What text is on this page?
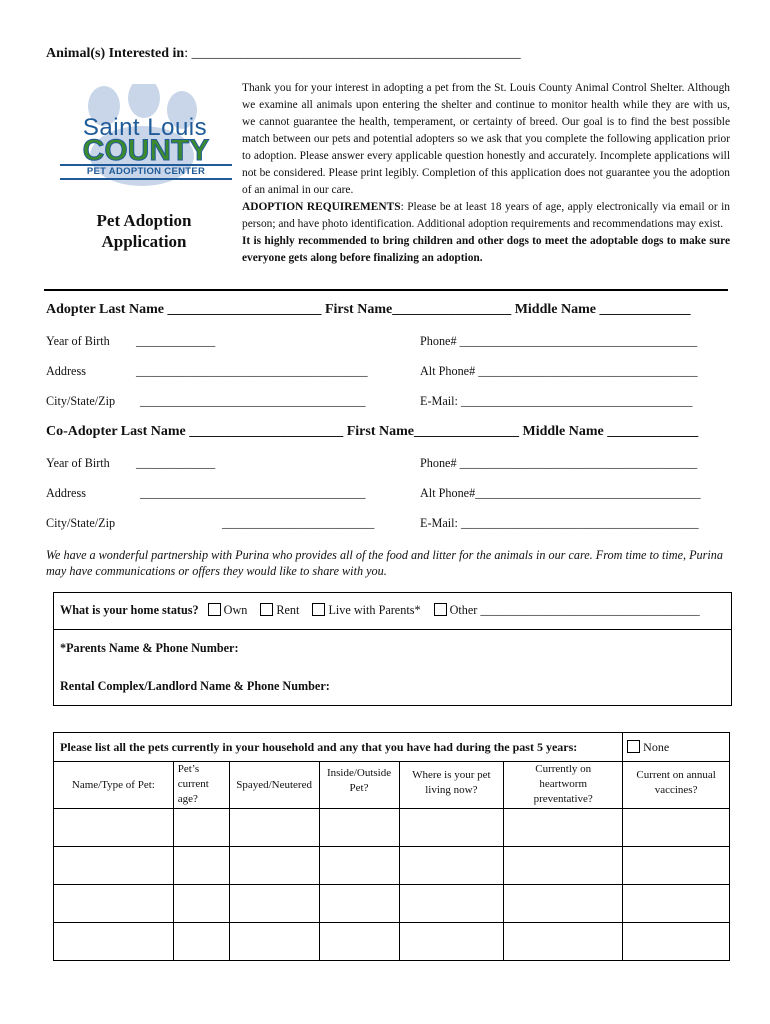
Animal(s) Interested in: _______________________________________________
Saint Louis
COUNTY
PET ADOPTION CENTER
Pet Adoption
Application

Thank you for your interest in adopting a pet from the St. Louis County Animal Control Shelter. Although we examine all animals upon entering the shelter and continue to monitor health while they are with us, we cannot guarantee the health, temperament, or certainty of breed. Our goal is to find the best possible match between our pets and potential adopters so we ask that you complete the following application prior to adoption. Please answer every applicable question honestly and accurately. Incomplete applications will not be considered. Please print legibly. Completion of this application does not guarantee you the adoption of an animal in our care.

ADOPTION REQUIREMENTS: Please be at least 18 years of age, apply electronically via email or in person; and have photo identification. Additional adoption requirements and recommendations may exist.

It is highly recommended to bring children and other dogs to meet the adoptable dogs to make sure everyone gets along before finalizing an adoption.

Adopter Last Name ______________________ First Name_________________ Middle Name _____________
Year of Birth _____________	Phone# _______________________________________
Address	______________________________________	Alt Phone# ____________________________________
City/State/Zip _____________________________________	E-Mail: ______________________________________
Co-Adopter Last Name ______________________ First Name_______________ Middle Name _____________
Year of Birth _____________	Phone# _______________________________________
Address	_____________________________________	Alt Phone#_____________________________________
City/State/Zip	_________________________	E-Mail: _______________________________________
We have a wonderful partnership with Purina who provides all of the food and litter for the animals in our care. From time to time, Purina may have communications or offers they would like to share with you.
What is your home status? Own Rent Live with Parents* Other ____________________________________
*Parents Name & Phone Number:
Rental Complex/Landlord Name & Phone Number:
Please list all the pets currently in your household and any that you have had during the past 5 years:						None
Name/Type of Pet:	Pet’s current age?	Spayed/Neutered	Inside/Outside Pet?	Where is your pet living now?	Currently on heartworm preventative?	Current on annual vaccines?
